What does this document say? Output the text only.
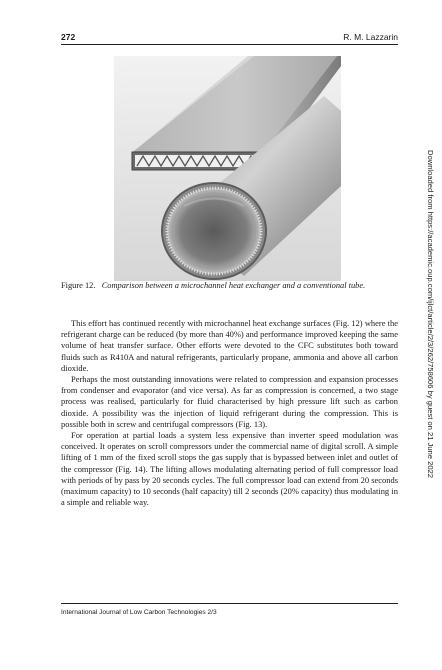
272	R. M. Lazzarin
Figure 12. Comparison between a microchannel heat exchanger and a conventional tube.

This effort has continued recently with microchannel heat exchange surfaces (Fig. 12) where the refrigerant charge can be reduced (by more than 40%) and performance improved keeping the same volume of heat transfer surface. Other efforts were devoted to the CFC substitutes both toward fluids such as R410A and natural refrigerants, particularly propane, ammonia and above all carbon dioxide.

Perhaps the most outstanding innovations were related to compression and expansion processes from condenser and evaporator (and vice versa). As far as compression is concerned, a two stage process was realised, particularly for fluid characterised by high pressure lift such as carbon dioxide. A possibility was the injection of liquid refrigerant during the compression. This is possible both in screw and centrifugal compressors (Fig. 13).

For operation at partial loads a system less expensive than inverter speed modulation was conceived. It operates on scroll compressors under the commercial name of digital scroll. A simple lifting of 1 mm of the fixed scroll stops the gas supply that is bypassed between inlet and outlet of the compressor (Fig. 14). The lifting allows modulating alternating period of full compressor load with periods of by pass by 20 seconds cycles. The full compressor load can extend from 20 seconds (maximum capacity) to 10 seconds (half capacity) till 2 seconds (20% capacity) thus modulating in a simple and reliable way.

International Journal of Low Carbon Technologies 2/3
Downloaded from https://academic.oup.com/ijlct/article/2/3/262/758606 by guest on 21 June 2022
